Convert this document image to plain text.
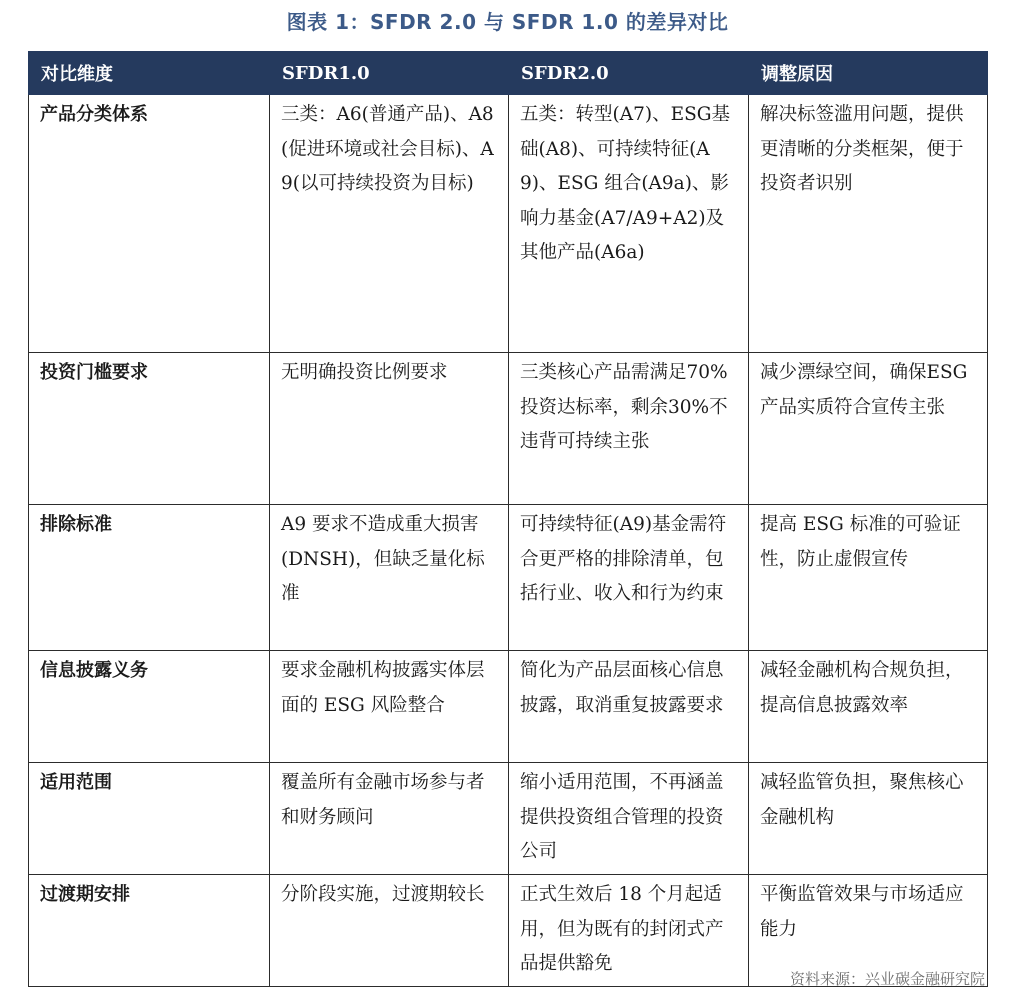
图表 1：SFDR 2.0 与 SFDR 1.0 的差异对比
对比维度	SFDR1.0	SFDR2.0	调整原因
产品分类体系	三类：A6(普通产品)、A8(促进环境或社会目标)、A9(以可持续投资为目标)	五类：转型(A7)、ESG基础(A8)、可持续特征(A9)、ESG 组合(A9a)、影响力基金(A7/A9+A2)及其他产品(A6a)	解决标签滥用问题，提供更清晰的分类框架，便于投资者识别
投资门槛要求	无明确投资比例要求	三类核心产品需满足70%投资达标率，剩余30%不违背可持续主张	减少漂绿空间，确保ESG 产品实质符合宣传主张
排除标准	A9 要求不造成重大损害(DNSH)，但缺乏量化标准	可持续特征(A9)基金需符合更严格的排除清单，包括行业、收入和行为约束	提高 ESG 标准的可验证性，防止虚假宣传
信息披露义务	要求金融机构披露实体层面的 ESG 风险整合	简化为产品层面核心信息披露，取消重复披露要求	减轻金融机构合规负担，提高信息披露效率
适用范围	覆盖所有金融市场参与者和财务顾问	缩小适用范围，不再涵盖提供投资组合管理的投资公司	减轻监管负担，聚焦核心金融机构
过渡期安排	分阶段实施，过渡期较长	正式生效后 18 个月起适用，但为既有的封闭式产品提供豁免	平衡监管效果与市场适应能力
资料来源：兴业碳金融研究院
